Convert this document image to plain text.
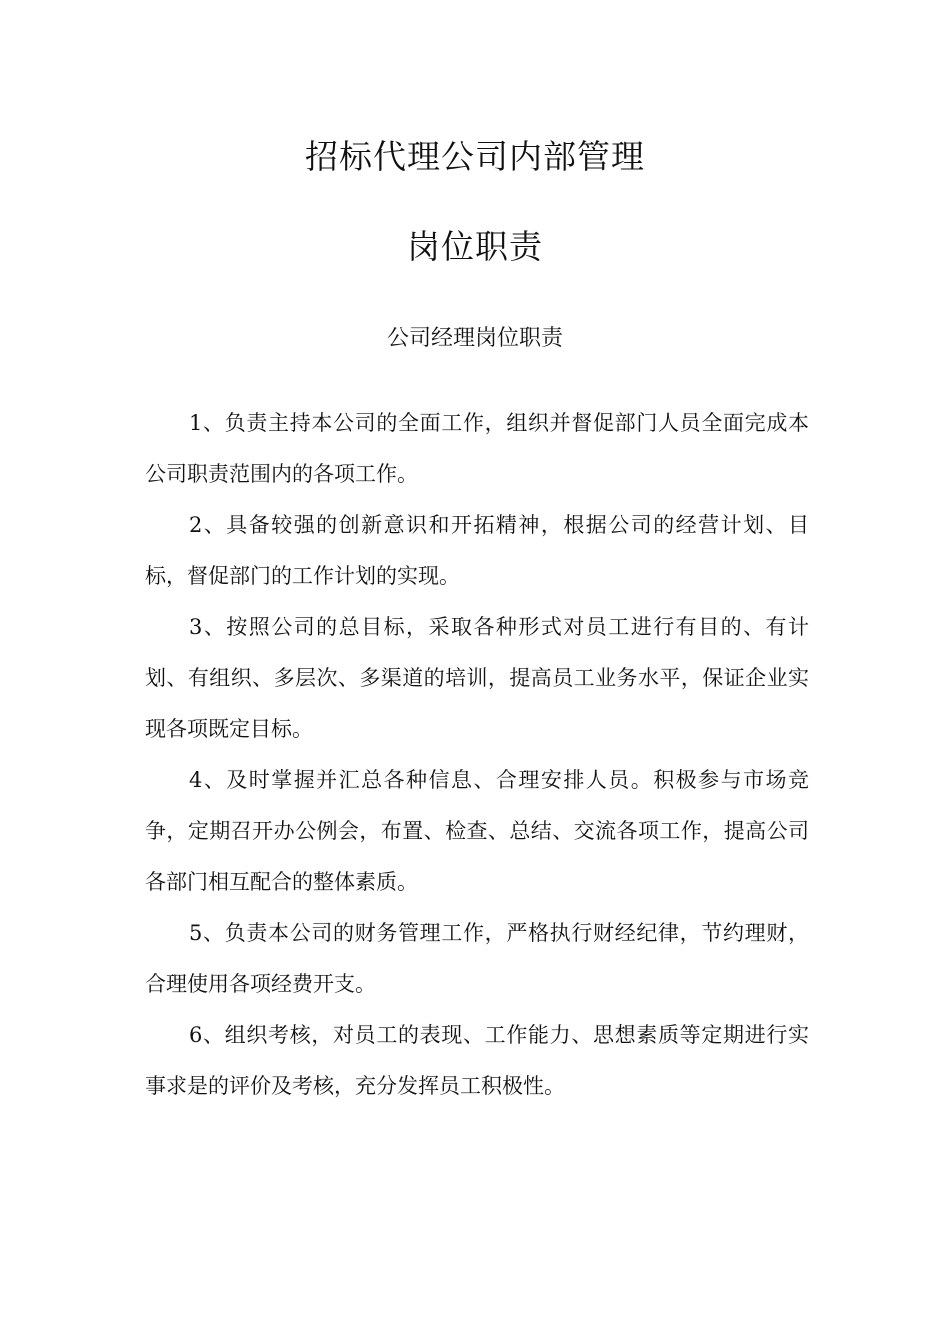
招标代理公司内部管理
岗位职责
公司经理岗位职责

1、负责主持本公司的全面工作，组织并督促部门人员全面完成本公司职责范围内的各项工作。

2、具备较强的创新意识和开拓精神，根据公司的经营计划、目标，督促部门的工作计划的实现。

3、按照公司的总目标，采取各种形式对员工进行有目的、有计划、有组织、多层次、多渠道的培训，提高员工业务水平，保证企业实现各项既定目标。

4、及时掌握并汇总各种信息、合理安排人员。积极参与市场竞争，定期召开办公例会，布置、检查、总结、交流各项工作，提高公司各部门相互配合的整体素质。

5、负责本公司的财务管理工作，严格执行财经纪律，节约理财，合理使用各项经费开支。

6、组织考核，对员工的表现、工作能力、思想素质等定期进行实事求是的评价及考核，充分发挥员工积极性。
